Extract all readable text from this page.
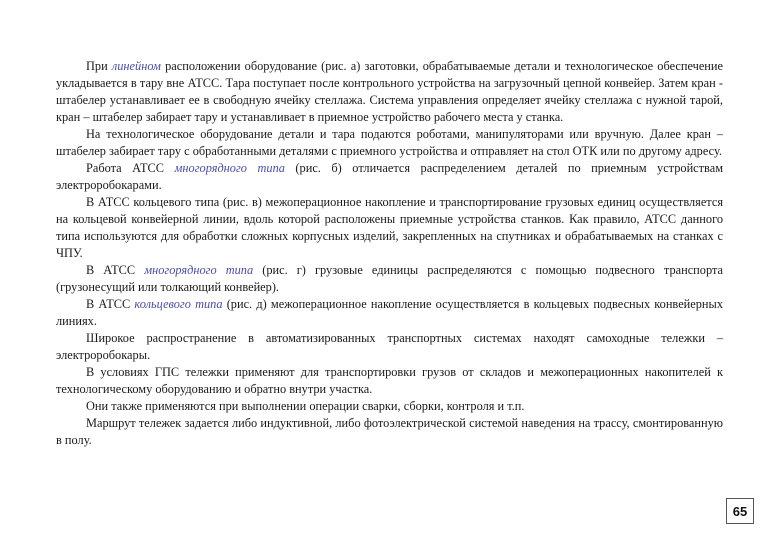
При линейном расположении оборудование (рис. а) заготовки, обрабатываемые детали и технологическое обеспечение укладывается в тару вне АТСС. Тара поступает после контрольного устройства на загрузочный цепной конвейер. Затем кран - штабелер устанавливает ее в свободную ячейку стеллажа. Система управления определяет ячейку стеллажа с нужной тарой, кран – штабелер забирает тару и устанавливает в приемное устройство рабочего места у станка.

На технологическое оборудование детали и тара подаются роботами, манипуляторами или вручную. Далее кран – штабелер забирает тару с обработанными деталями с приемного устройства и отправляет на стол ОТК или по другому адресу.

Работа АТСС многорядного типа (рис. б) отличается распределением деталей по приемным устройствам электроробокарами.

В АТСС кольцевого типа (рис. в) межоперационное накопление и транспортирование грузовых единиц осуществляется на кольцевой конвейерной линии, вдоль которой расположены приемные устройства станков. Как правило, АТСС данного типа используются для обработки сложных корпусных изделий, закрепленных на спутниках и обрабатываемых на станках с ЧПУ.

В АТСС многорядного типа (рис. г) грузовые единицы распределяются с помощью подвесного транспорта (грузонесущий или толкающий конвейер).

В АТСС кольцевого типа (рис. д) межоперационное накопление осуществляется в кольцевых подвесных конвейерных линиях.

Широкое распространение в автоматизированных транспортных системах находят самоходные тележки – электроробокары.

В условиях ГПС тележки применяют для транспортировки грузов от складов и межоперационных накопителей к технологическому оборудованию и обратно внутри участка.

Они также применяются при выполнении операции сварки, сборки, контроля и т.п.

Маршрут тележек задается либо индуктивной, либо фотоэлектрической системой наведения на трассу, смонтированную в полу.

65
